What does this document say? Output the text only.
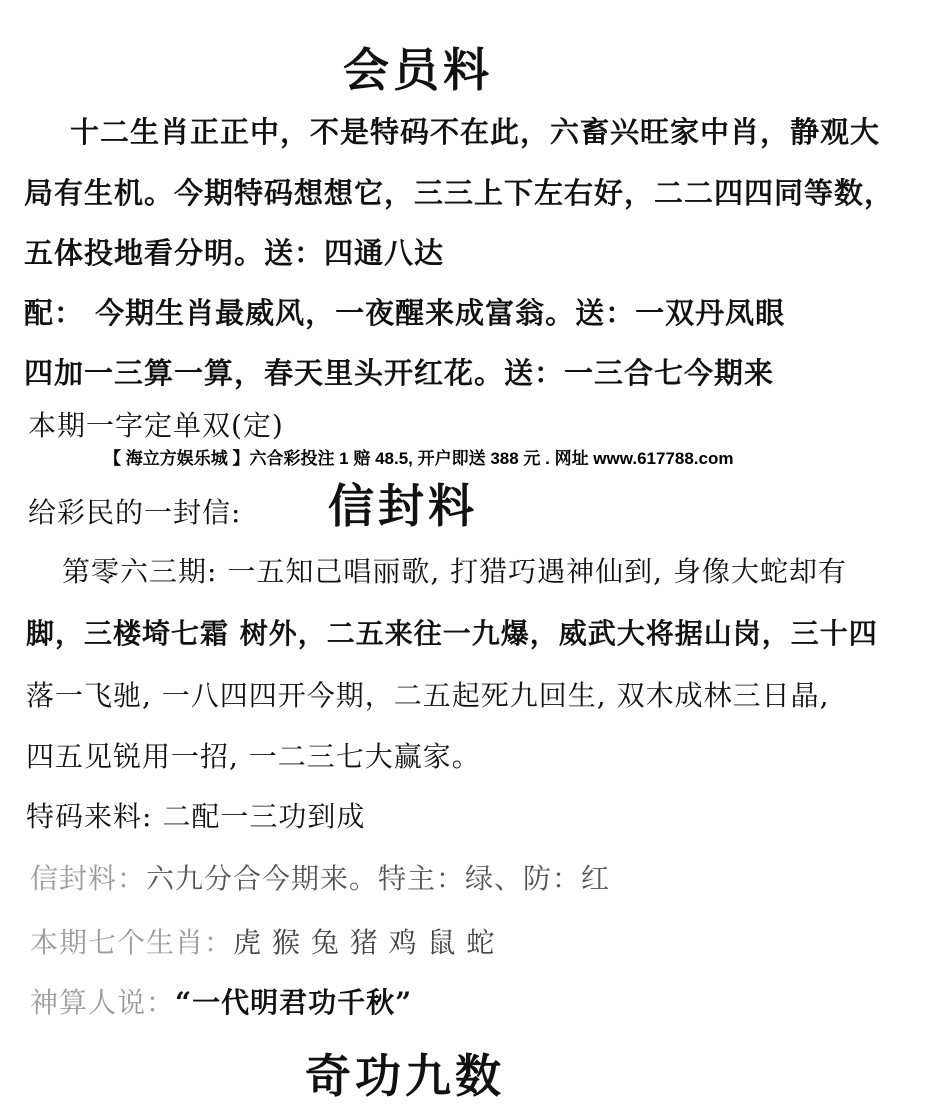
会员料
十二生肖正正中，不是特码不在此，六畜兴旺家中肖，静观大
局有生机。今期特码想想它，三三上下左右好，二二四四同等数，
五体投地看分明。送：四通八达
配： 今期生肖最威风，一夜醒来成富翁。送：一双丹凤眼
四加一三算一算，春天里头开红花。送：一三合七今期来
本期一字定单双(定)
【 海立方娱乐城 】六合彩投注 1 赔 48.5, 开户即送 388 元 . 网址 www.617788.com
给彩民的一封信: 信封料
第零六三期: 一五知己唱丽歌, 打猎巧遇神仙到, 身像大蛇却有
脚，三楼埼七霜 树外，二五来往一九爆，威武大将据山岗，三十四
落一飞驰, 一八四四开今期，二五起死九回生, 双木成林三日晶,
四五见锐用一招, 一二三七大赢家。
特码来料: 二配一三功到成
信封料：六九分合今期来。特主：绿、防：红
本期七个生肖：虎 猴 兔 猪 鸡 鼠 蛇
神算人说：“一代明君功千秋”
奇功九数
